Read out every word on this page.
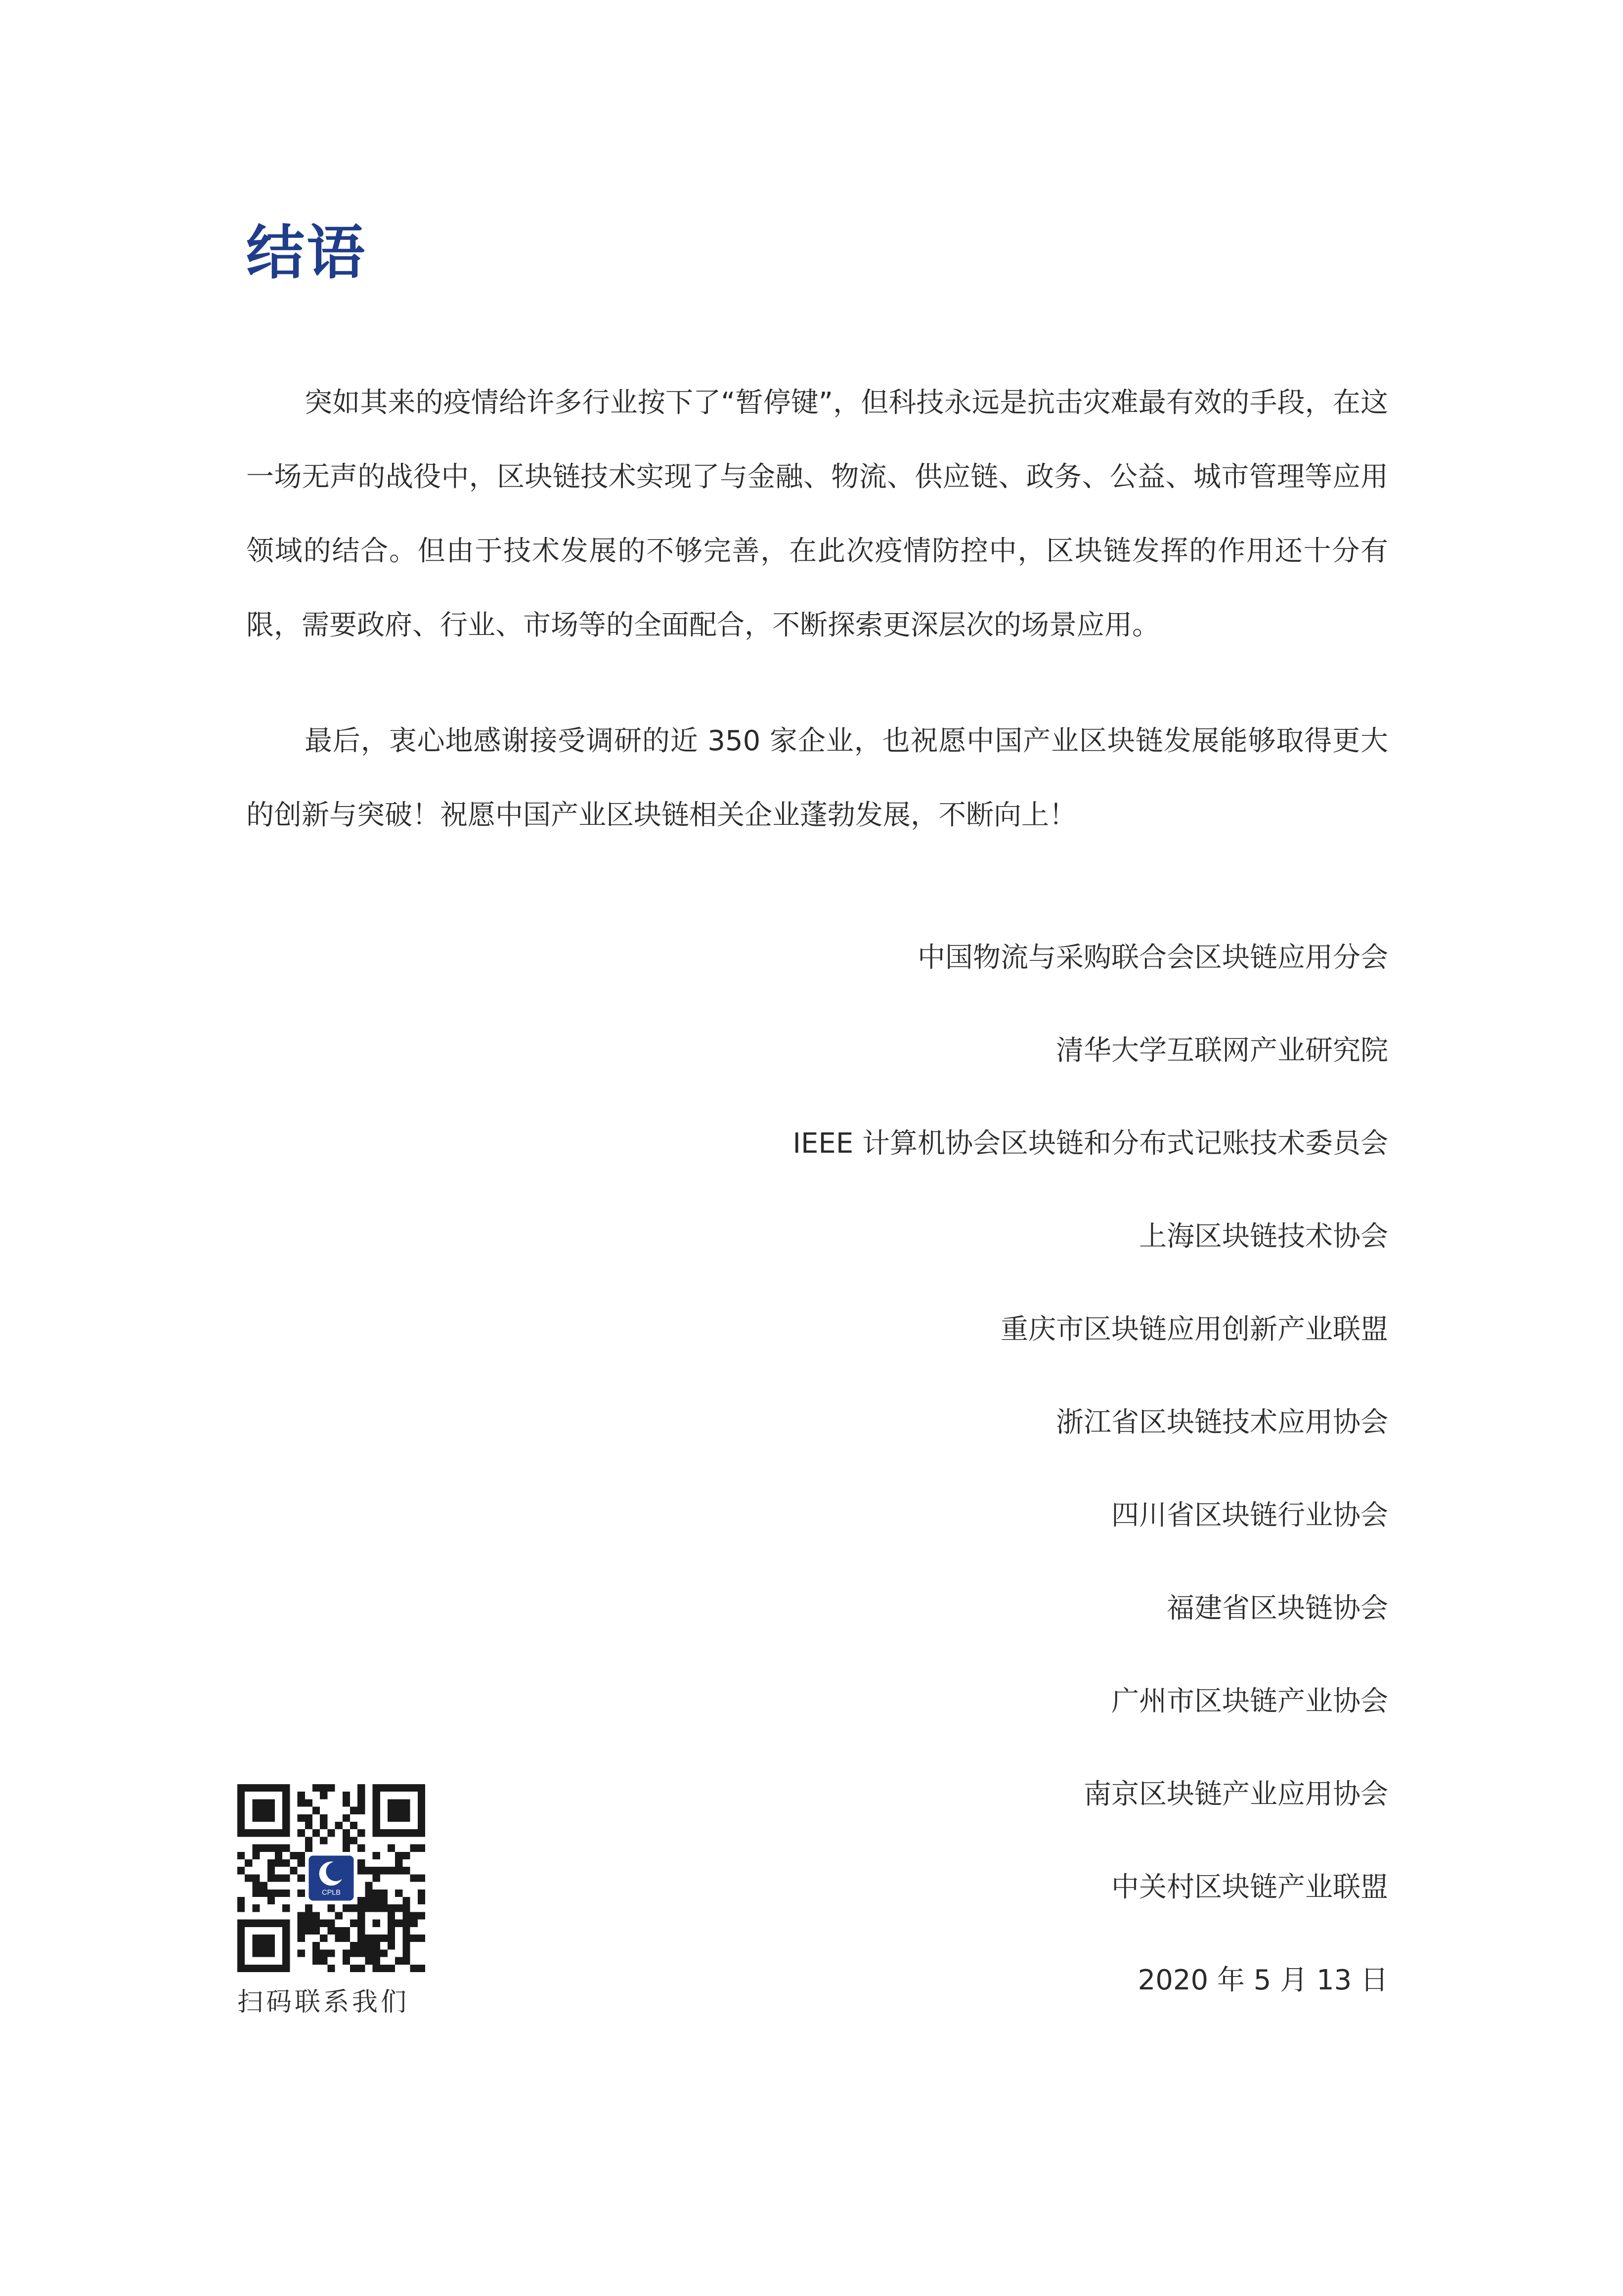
结语

突如其来的疫情给许多行业按下了“暂停键”，但科技永远是抗击灾难最有效的手段，在这一场无声的战役中，区块链技术实现了与金融、物流、供应链、政务、公益、城市管理等应用领域的结合。但由于技术发展的不够完善，在此次疫情防控中，区块链发挥的作用还十分有限，需要政府、行业、市场等的全面配合，不断探索更深层次的场景应用。

最后，衷心地感谢接受调研的近 350 家企业，也祝愿中国产业区块链发展能够取得更大的创新与突破！祝愿中国产业区块链相关企业蓬勃发展，不断向上！

中国物流与采购联合会区块链应用分会
清华大学互联网产业研究院
IEEE 计算机协会区块链和分布式记账技术委员会
上海区块链技术协会
重庆市区块链应用创新产业联盟
浙江省区块链技术应用协会
四川省区块链行业协会
福建省区块链协会
广州市区块链产业协会
南京区块链产业应用协会
中关村区块链产业联盟
2020 年 5 月 13 日
扫码联系我们
